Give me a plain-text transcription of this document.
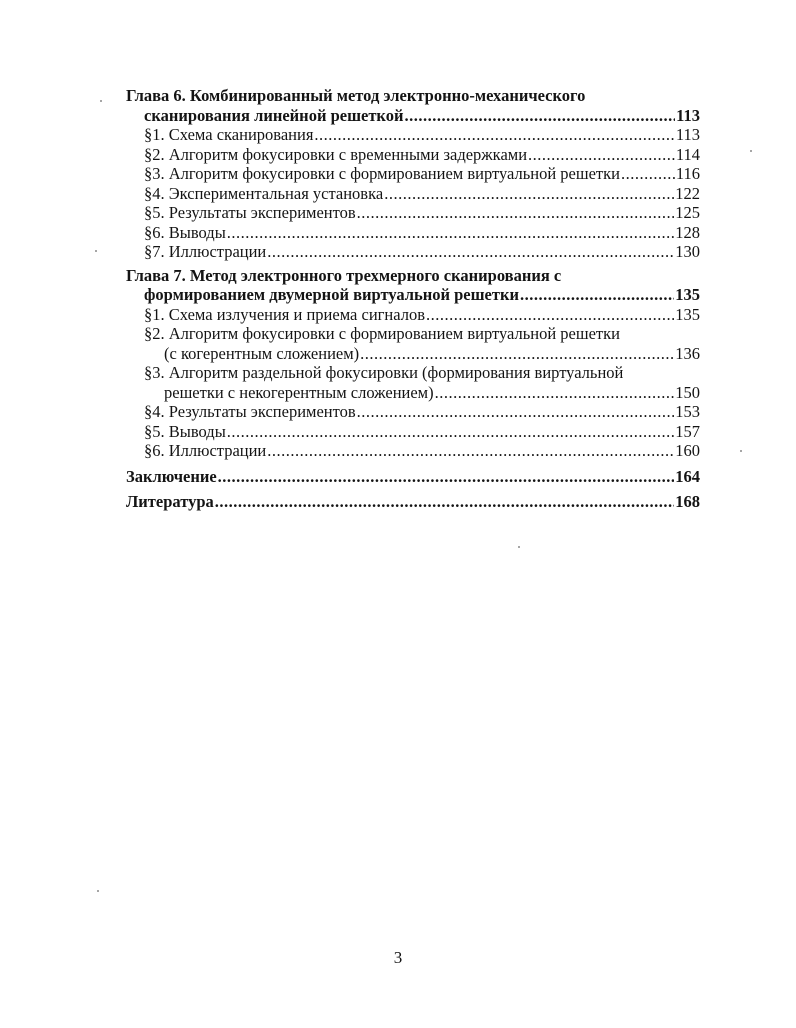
Глава 6. Комбинированный метод электронно-механического
сканирования линейной решеткой .....	113
§1. Схема сканирования .....	113
§2. Алгоритм фокусировки с временными задержками .....	114
§3. Алгоритм фокусировки с формированием виртуальной решетки .....	116
§4. Экспериментальная установка .....	122
§5. Результаты экспериментов .....	125
§6. Выводы .....	128
§7. Иллюстрации .....	130
Глава 7. Метод электронного трехмерного сканирования с
формированием двумерной виртуальной решетки .....	135
§1. Схема излучения и приема сигналов .....	135
§2. Алгоритм фокусировки с формированием виртуальной решетки
(с когерентным сложением) .....	136
§3. Алгоритм раздельной фокусировки (формирования виртуальной
решетки с некогерентным сложением) .....	150
§4. Результаты экспериментов .....	153
§5. Выводы .....	157
§6. Иллюстрации .....	160
Заключение .....	164
Литература .....	168
3
